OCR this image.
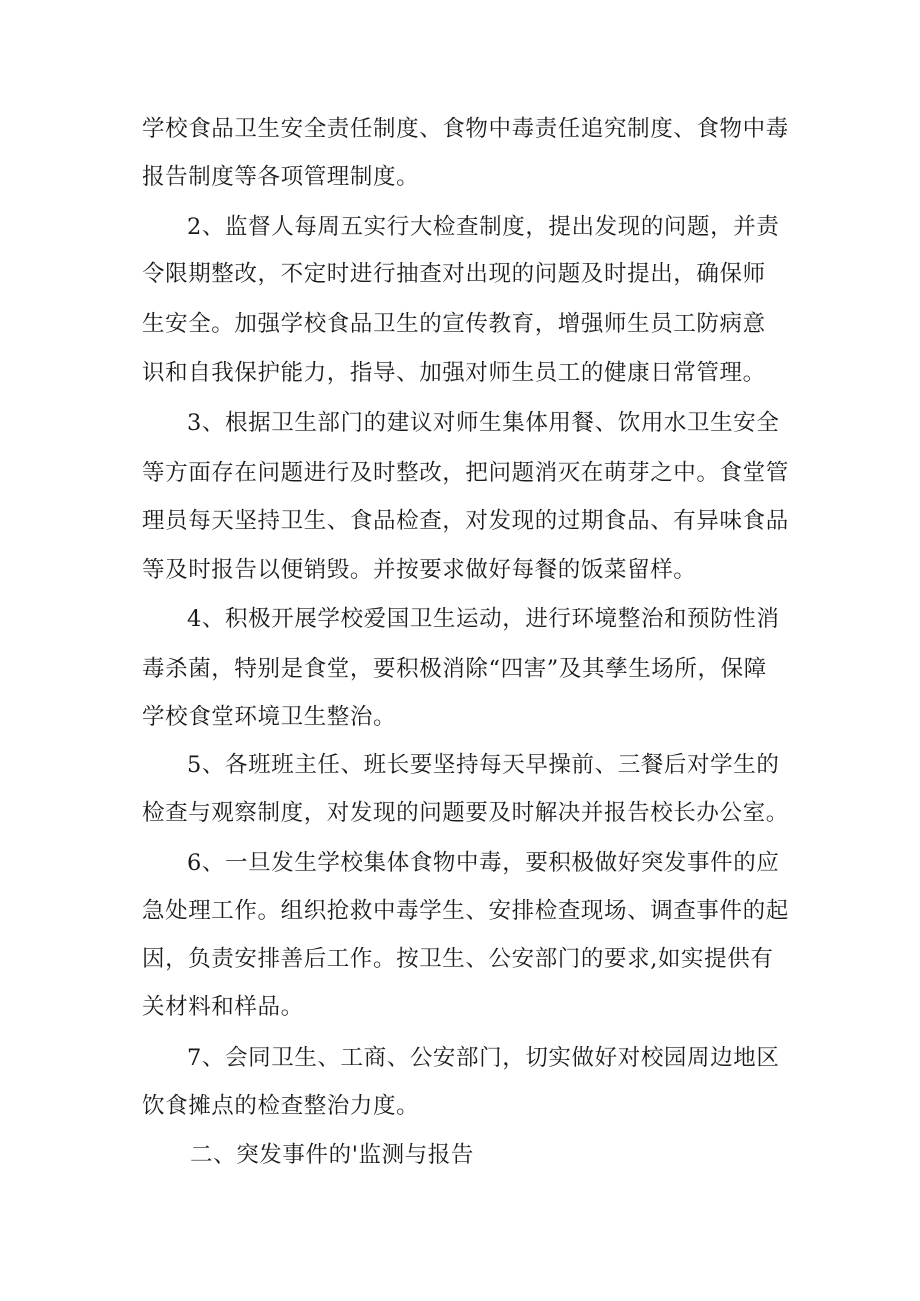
学校食品卫生安全责任制度、食物中毒责任追究制度、食物中毒
报告制度等各项管理制度。
2、监督人每周五实行大检查制度，提出发现的问题，并责
令限期整改，不定时进行抽查对出现的问题及时提出，确保师
生安全。加强学校食品卫生的宣传教育，增强师生员工防病意
识和自我保护能力，指导、加强对师生员工的健康日常管理。
3、根据卫生部门的建议对师生集体用餐、饮用水卫生安全
等方面存在问题进行及时整改，把问题消灭在萌芽之中。食堂管
理员每天坚持卫生、食品检查，对发现的过期食品、有异味食品
等及时报告以便销毁。并按要求做好每餐的饭菜留样。
4、积极开展学校爱国卫生运动，进行环境整治和预防性消
毒杀菌，特别是食堂，要积极消除“四害”及其孳生场所，保障
学校食堂环境卫生整治。
5、各班班主任、班长要坚持每天早操前、三餐后对学生的
检查与观察制度，对发现的问题要及时解决并报告校长办公室。
6、一旦发生学校集体食物中毒，要积极做好突发事件的应
急处理工作。组织抢救中毒学生、安排检查现场、调查事件的起
因，负责安排善后工作。按卫生、公安部门的要求,如实提供有
关材料和样品。
7、会同卫生、工商、公安部门，切实做好对校园周边地区
饮食摊点的检查整治力度。
二、突发事件的'监测与报告
